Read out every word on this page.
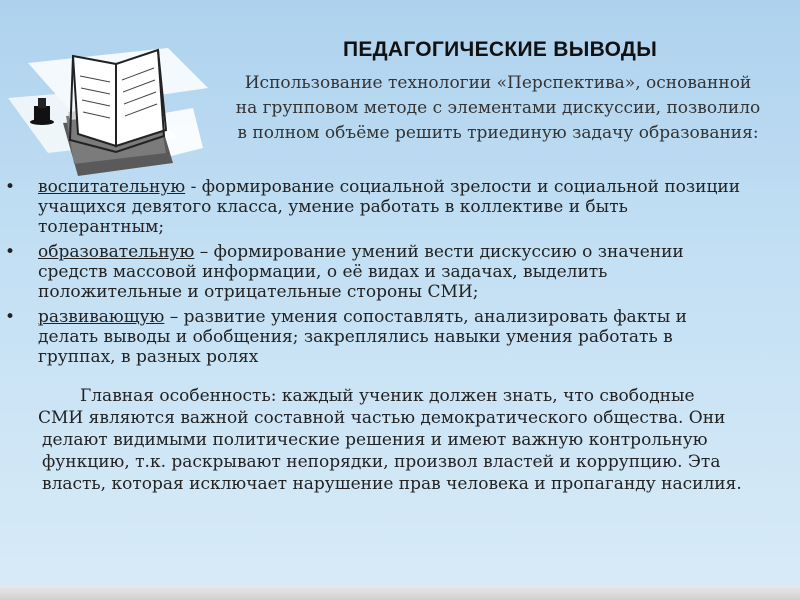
ПЕДАГОГИЧЕСКИЕ ВЫВОДЫ
Использование технологии «Перспектива», основанной
на групповом методе с элементами дискуссии, позволило
в полном объёме решить триединую задачу образования:
• воспитательную - формирование социальной зрелости и социальной позиции
учащихся девятого класса, умение работать в коллективе и быть
толерантным;
• образовательную – формирование умений вести дискуссию о значении
средств массовой информации, о её видах и задачах, выделить
положительные и отрицательные стороны СМИ;
• развивающую – развитие умения сопоставлять, анализировать факты и
делать выводы и обобщения; закреплялись навыки умения работать в
группах, в разных ролях
Главная особенность: каждый ученик должен знать, что свободные
СМИ являются важной составной частью демократического общества. Они
делают видимыми политические решения и имеют важную контрольную
функцию, т.к. раскрывают непорядки, произвол властей и коррупцию. Эта
власть, которая исключает нарушение прав человека и пропаганду насилия.
